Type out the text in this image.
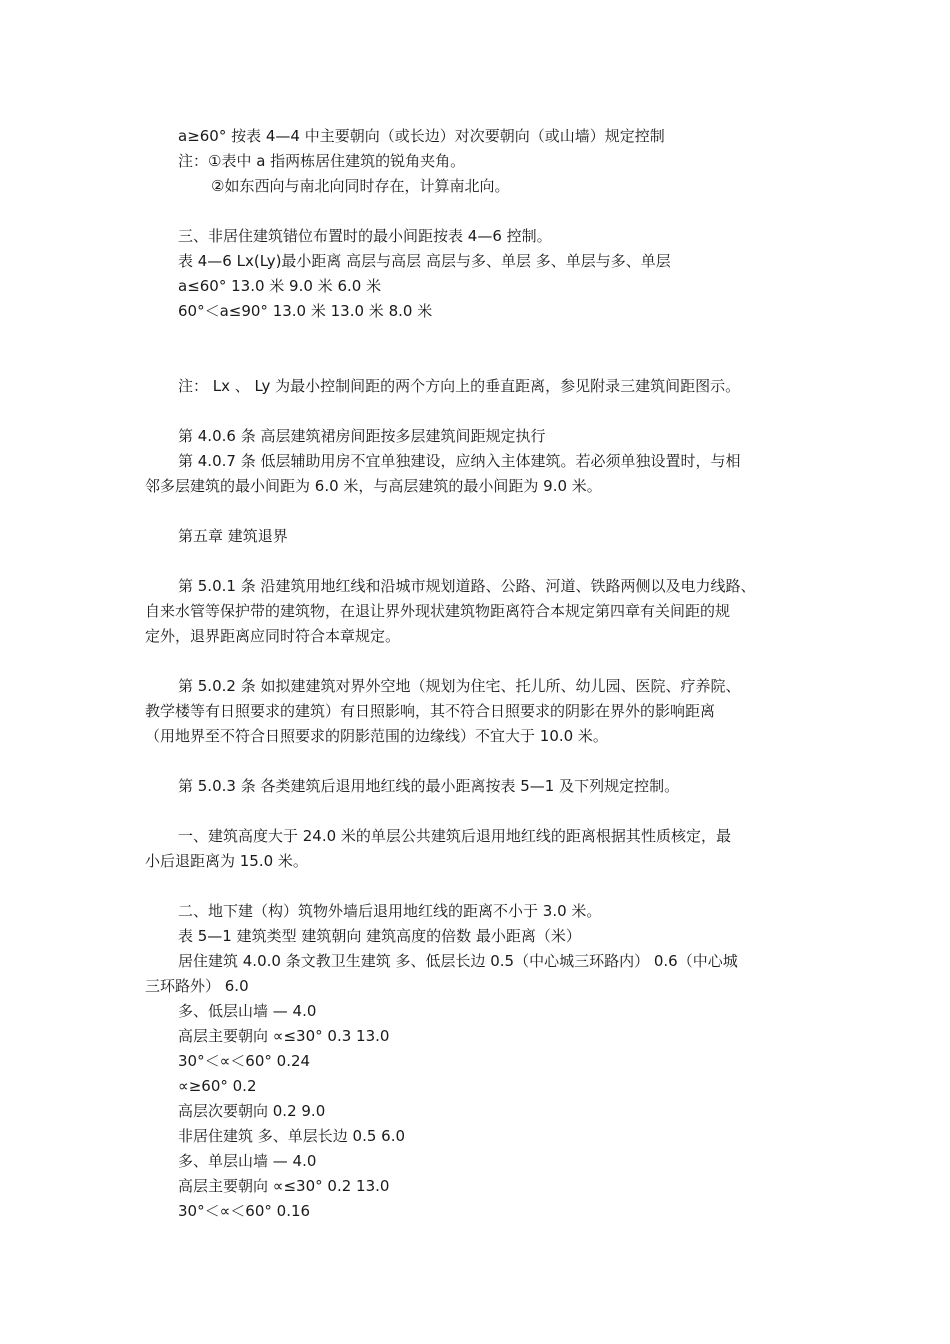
a≥60° 按表 4—4 中主要朝向（或长边）对次要朝向（或山墙）规定控制
注：①表中 a 指两栋居住建筑的锐角夹角。
②如东西向与南北向同时存在，计算南北向。
三、非居住建筑错位布置时的最小间距按表 4—6 控制。
表 4—6 Lx(Ly)最小距离 高层与高层 高层与多、单层 多、单层与多、单层
a≤60° 13.0 米 9.0 米 6.0 米
60°＜a≤90° 13.0 米 13.0 米 8.0 米
注： Lx 、 Ly 为最小控制间距的两个方向上的垂直距离，参见附录三建筑间距图示。
第 4.0.6 条 高层建筑裙房间距按多层建筑间距规定执行
第 4.0.7 条 低层辅助用房不宜单独建设，应纳入主体建筑。若必须单独设置时，与相
邻多层建筑的最小间距为 6.0 米，与高层建筑的最小间距为 9.0 米。
第五章 建筑退界
第 5.0.1 条 沿建筑用地红线和沿城市规划道路、公路、河道、铁路两侧以及电力线路、
自来水管等保护带的建筑物，在退让界外现状建筑物距离符合本规定第四章有关间距的规
定外，退界距离应同时符合本章规定。
第 5.0.2 条 如拟建建筑对界外空地（规划为住宅、托儿所、幼儿园、医院、疗养院、
教学楼等有日照要求的建筑）有日照影响，其不符合日照要求的阴影在界外的影响距离
（用地界至不符合日照要求的阴影范围的边缘线）不宜大于 10.0 米。
第 5.0.3 条 各类建筑后退用地红线的最小距离按表 5—1 及下列规定控制。
一、建筑高度大于 24.0 米的单层公共建筑后退用地红线的距离根据其性质核定，最
小后退距离为 15.0 米。
二、地下建（构）筑物外墙后退用地红线的距离不小于 3.0 米。
表 5—1 建筑类型 建筑朝向 建筑高度的倍数 最小距离（米）
居住建筑 4.0.0 条文教卫生建筑 多、低层长边 0.5（中心城三环路内） 0.6（中心城
三环路外） 6.0
多、低层山墙 — 4.0
高层主要朝向 ∝≤30° 0.3 13.0
30°＜∝＜60° 0.24
∝≥60° 0.2
高层次要朝向 0.2 9.0
非居住建筑 多、单层长边 0.5 6.0
多、单层山墙 — 4.0
高层主要朝向 ∝≤30° 0.2 13.0
30°＜∝＜60° 0.16
